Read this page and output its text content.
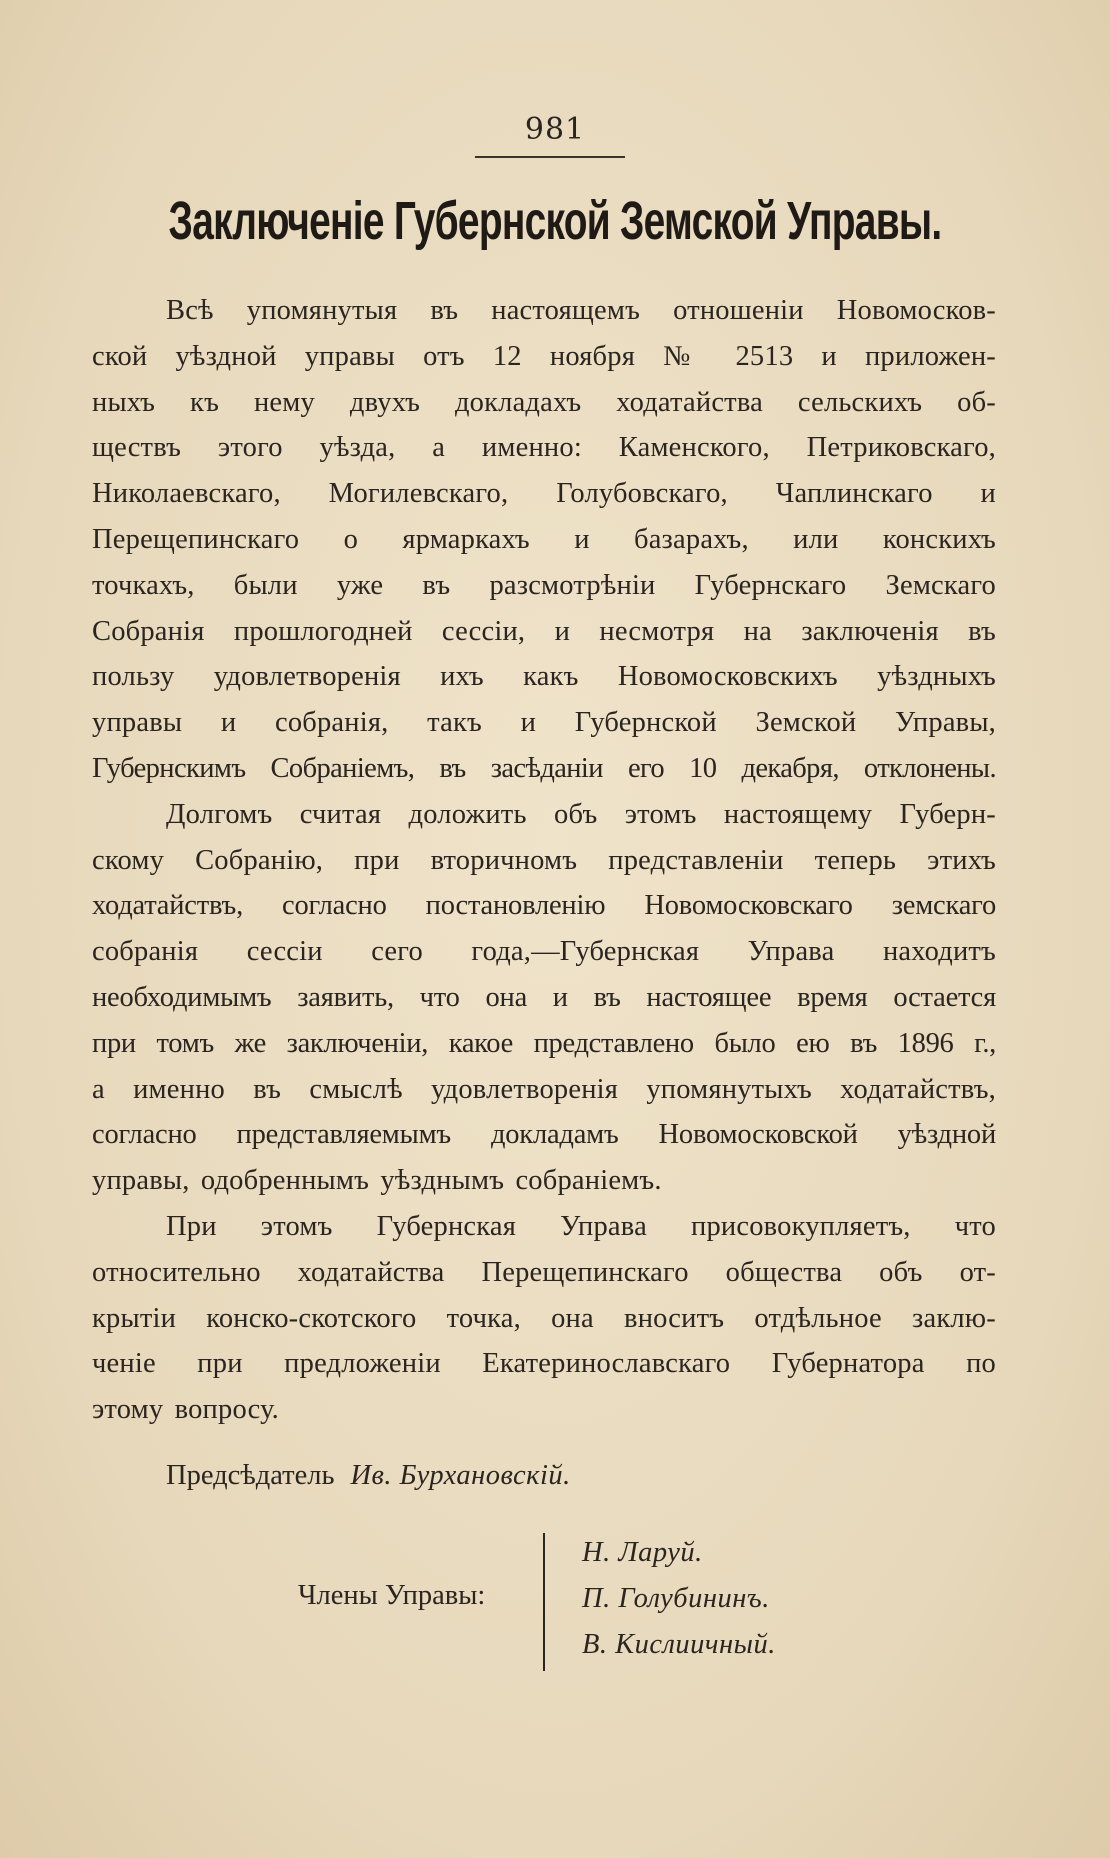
981
Заключеніе Губернской Земской Управы.
Всѣ упомянутыя въ настоящемъ отношеніи Новомосков-
ской уѣздной управы отъ 12 ноября № 2513 и приложен-
ныхъ къ нему двухъ докладахъ ходатайства сельскихъ об-
ществъ этого уѣзда, а именно: Каменского, Петриковскаго,
Николаевскаго, Могилевскаго, Голубовскаго, Чаплинскаго и
Перещепинскаго о ярмаркахъ и базарахъ, или конскихъ
точкахъ, были уже въ разсмотрѣніи Губернскаго Земскаго
Собранія прошлогодней сессіи, и несмотря на заключенія въ
пользу удовлетворенія ихъ какъ Новомосковскихъ уѣздныхъ
управы и собранія, такъ и Губернской Земской Управы,
Губернскимъ Собраніемъ, въ засѣданіи его 10 декабря, отклонены.
Долгомъ считая доложить объ этомъ настоящему Губерн-
скому Собранію, при вторичномъ представленіи теперь этихъ
ходатайствъ, согласно постановленію Новомосковскаго земскаго
собранія сессіи сего года,—Губернская Управа находитъ
необходимымъ заявить, что она и въ настоящее время остается
при томъ же заключеніи, какое представлено было ею въ 1896 г.,
а именно въ смыслѣ удовлетворенія упомянутыхъ ходатайствъ,
согласно представляемымъ докладамъ Новомосковской уѣздной
управы, одобреннымъ уѣзднымъ собраніемъ.
При этомъ Губернская Управа присовокупляетъ, что
относительно ходатайства Перещепинскаго общества объ от-
крытіи конско-скотского точка, она вноситъ отдѣльное заклю-
ченіе при предложеніи Екатеринославскаго Губернатора по
этому вопросу.
Предсѣдатель Ив. Бурхановскій.
Члены Управы:
Н. Ларуй.
П. Голубининъ.
В. Кислиичный.
